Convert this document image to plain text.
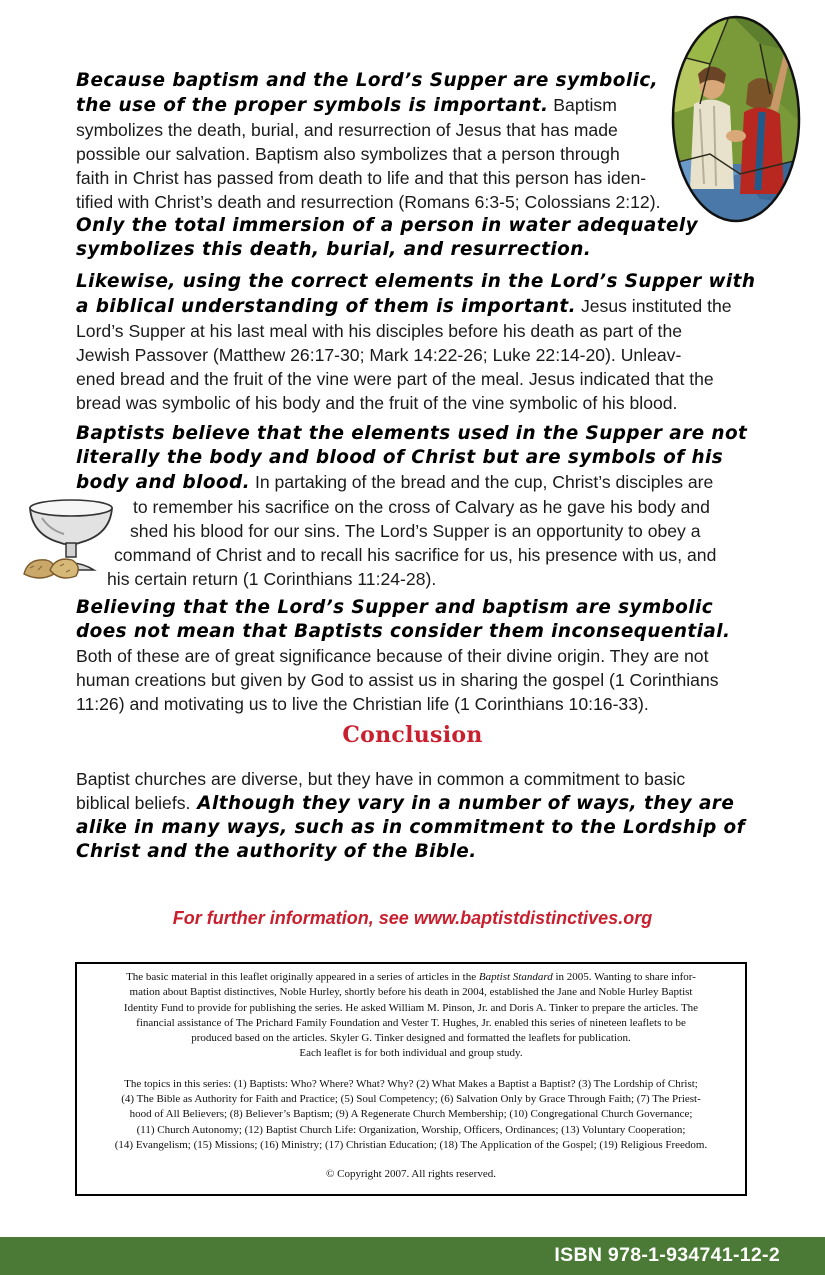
Because baptism and the Lord’s Supper are symbolic,
the use of the proper symbols is important. Baptism
symbolizes the death, burial, and resurrection of Jesus that has made
possible our salvation. Baptism also symbolizes that a person through
faith in Christ has passed from death to life and that this person has iden-
tified with Christ’s death and resurrection (Romans 6:3-5; Colossians 2:12).
Only the total immersion of a person in water adequately
symbolizes this death, burial, and resurrection.
Likewise, using the correct elements in the Lord’s Supper with
a biblical understanding of them is important. Jesus instituted the
Lord’s Supper at his last meal with his disciples before his death as part of the
Jewish Passover (Matthew 26:17-30; Mark 14:22-26; Luke 22:14-20). Unleav-
ened bread and the fruit of the vine were part of the meal. Jesus indicated that the
bread was symbolic of his body and the fruit of the vine symbolic of his blood.
Baptists believe that the elements used in the Supper are not
literally the body and blood of Christ but are symbols of his
body and blood. In partaking of the bread and the cup, Christ’s disciples are
to remember his sacrifice on the cross of Calvary as he gave his body and
shed his blood for our sins. The Lord’s Supper is an opportunity to obey a
command of Christ and to recall his sacrifice for us, his presence with us, and
his certain return (1 Corinthians 11:24-28).
Believing that the Lord’s Supper and baptism are symbolic
does not mean that Baptists consider them inconsequential.
Both of these are of great significance because of their divine origin. They are not
human creations but given by God to assist us in sharing the gospel (1 Corinthians
11:26) and motivating us to live the Christian life (1 Corinthians 10:16-33).
Conclusion
Baptist churches are diverse, but they have in common a commitment to basic
biblical beliefs. Although they vary in a number of ways, they are
alike in many ways, such as in commitment to the Lordship of
Christ and the authority of the Bible.
For further information, see www.baptistdistinctives.org

The basic material in this leaflet originally appeared in a series of articles in the Baptist Standard in 2005. Wanting to share infor-

mation about Baptist distinctives, Noble Hurley, shortly before his death in 2004, established the Jane and Noble Hurley Baptist

Identity Fund to provide for publishing the series. He asked William M. Pinson, Jr. and Doris A. Tinker to prepare the articles. The

financial assistance of The Prichard Family Foundation and Vester T. Hughes, Jr. enabled this series of nineteen leaflets to be

produced based on the articles. Skyler G. Tinker designed and formatted the leaflets for publication.

Each leaflet is for both individual and group study.

The topics in this series: (1) Baptists: Who? Where? What? Why? (2) What Makes a Baptist a Baptist? (3) The Lordship of Christ;

(4) The Bible as Authority for Faith and Practice; (5) Soul Competency; (6) Salvation Only by Grace Through Faith; (7) The Priest-

hood of All Believers; (8) Believer’s Baptism; (9) A Regenerate Church Membership; (10) Congregational Church Governance;

(11) Church Autonomy; (12) Baptist Church Life: Organization, Worship, Officers, Ordinances; (13) Voluntary Cooperation;

(14) Evangelism; (15) Missions; (16) Ministry; (17) Christian Education; (18) The Application of the Gospel; (19) Religious Freedom.

© Copyright 2007. All rights reserved.

ISBN 978-1-934741-12-2
